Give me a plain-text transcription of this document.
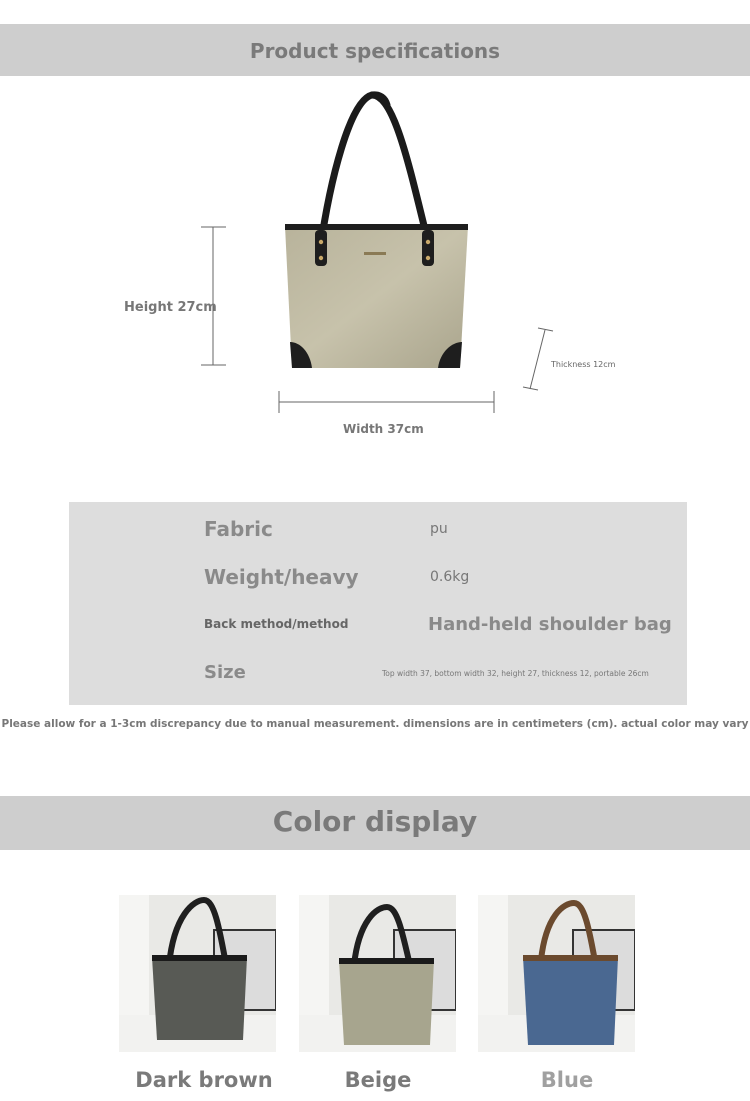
Product specifications
Height 27cm
Width 37cm
Thickness 12cm
Fabric	pu
Weight/heavy	0.6kg
Back method/method	Hand-held shoulder bag
Size	Top width 37, bottom width 32, height 27, thickness 12, portable 26cm
Please allow for a 1-3cm discrepancy due to manual measurement. dimensions are in centimeters (cm). actual color may vary
Color display
Dark brown	Beige	Blue
